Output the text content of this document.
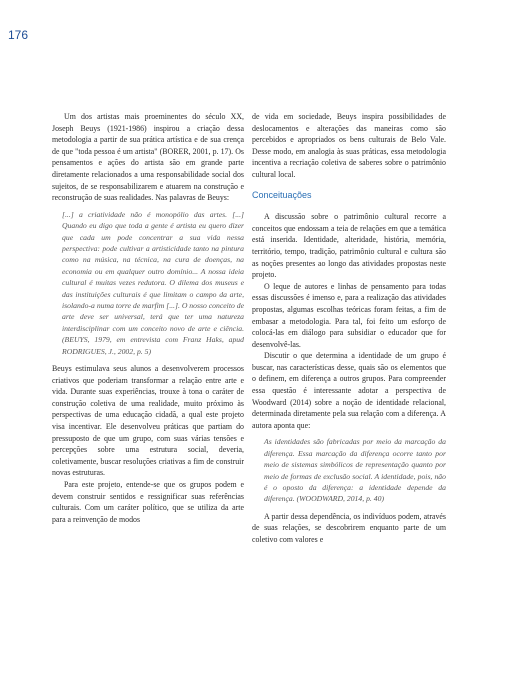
176

Um dos artistas mais proeminentes do século XX, Joseph Beuys (1921-1986) inspirou a criação dessa metodologia a partir de sua prática artística e de sua crença de que "toda pessoa é um artista" (BORER, 2001, p. 17). Os pensamentos e ações do artista são em grande parte diretamente relacionados a uma responsabilidade social dos sujeitos, de se responsabilizarem e atuarem na construção e reconstrução de suas realidades. Nas palavras de Beuys:

[...] a criatividade não é monopólio das artes. [...] Quando eu digo que toda a gente é artista eu quero dizer que cada um pode concentrar a sua vida nessa perspectiva: pode cultivar a artisticidade tanto na pintura como na música, na técnica, na cura de doenças, na economia ou em qualquer outro domínio... A nossa ideia cultural é muitas vezes redutora. O dilema dos museus e das instituições culturais é que limitam o campo da arte, isolando-a numa torre de marfim [...]. O nosso conceito de arte deve ser universal, terá que ter uma natureza interdisciplinar com um conceito novo de arte e ciência. (BEUYS, 1979, em entrevista com Franz Haks, apud RODRIGUES, J., 2002, p. 5)

Beuys estimulava seus alunos a desenvolverem processos criativos que poderiam transformar a relação entre arte e vida. Durante suas experiências, trouxe à tona o caráter de construção coletiva de uma realidade, muito próximo às perspectivas de uma educação cidadã, a qual este projeto visa incentivar. Ele desenvolveu práticas que partiam do pressuposto de que um grupo, com suas várias tensões e percepções sobre uma estrutura social, deveria, coletivamente, buscar resoluções criativas a fim de construir novas estruturas.

Para este projeto, entende-se que os grupos podem e devem construir sentidos e ressignificar suas referências culturais. Com um caráter político, que se utiliza da arte para a reinvenção de modos

de vida em sociedade, Beuys inspira possibilidades de deslocamentos e alterações das maneiras como são percebidos e apropriados os bens culturais de Belo Vale. Desse modo, em analogia às suas práticas, essa metodologia incentiva a recriação coletiva de saberes sobre o patrimônio cultural local.

Conceituações

A discussão sobre o patrimônio cultural recorre a conceitos que endossam a teia de relações em que a temática está inserida. Identidade, alteridade, história, memória, território, tempo, tradição, patrimônio cultural e cultura são as noções presentes ao longo das atividades propostas neste projeto.

O leque de autores e linhas de pensamento para todas essas discussões é imenso e, para a realização das atividades propostas, algumas escolhas teóricas foram feitas, a fim de embasar a metodologia. Para tal, foi feito um esforço de colocá-las em diálogo para subsidiar o educador que for desenvolvê-las.

Discutir o que determina a identidade de um grupo é buscar, nas características desse, quais são os elementos que o definem, em diferença a outros grupos. Para compreender essa questão é interessante adotar a perspectiva de Woodward (2014) sobre a noção de identidade relacional, determinada diretamente pela sua relação com a diferença. A autora aponta que:

As identidades são fabricadas por meio da marcação da diferença. Essa marcação da diferença ocorre tanto por meio de sistemas simbólicos de representação quanto por meio de formas de exclusão social. A identidade, pois, não é o oposto da diferença: a identidade depende da diferença. (WOODWARD, 2014, p. 40)

A partir dessa dependência, os indivíduos podem, através de suas relações, se descobrirem enquanto parte de um coletivo com valores e
